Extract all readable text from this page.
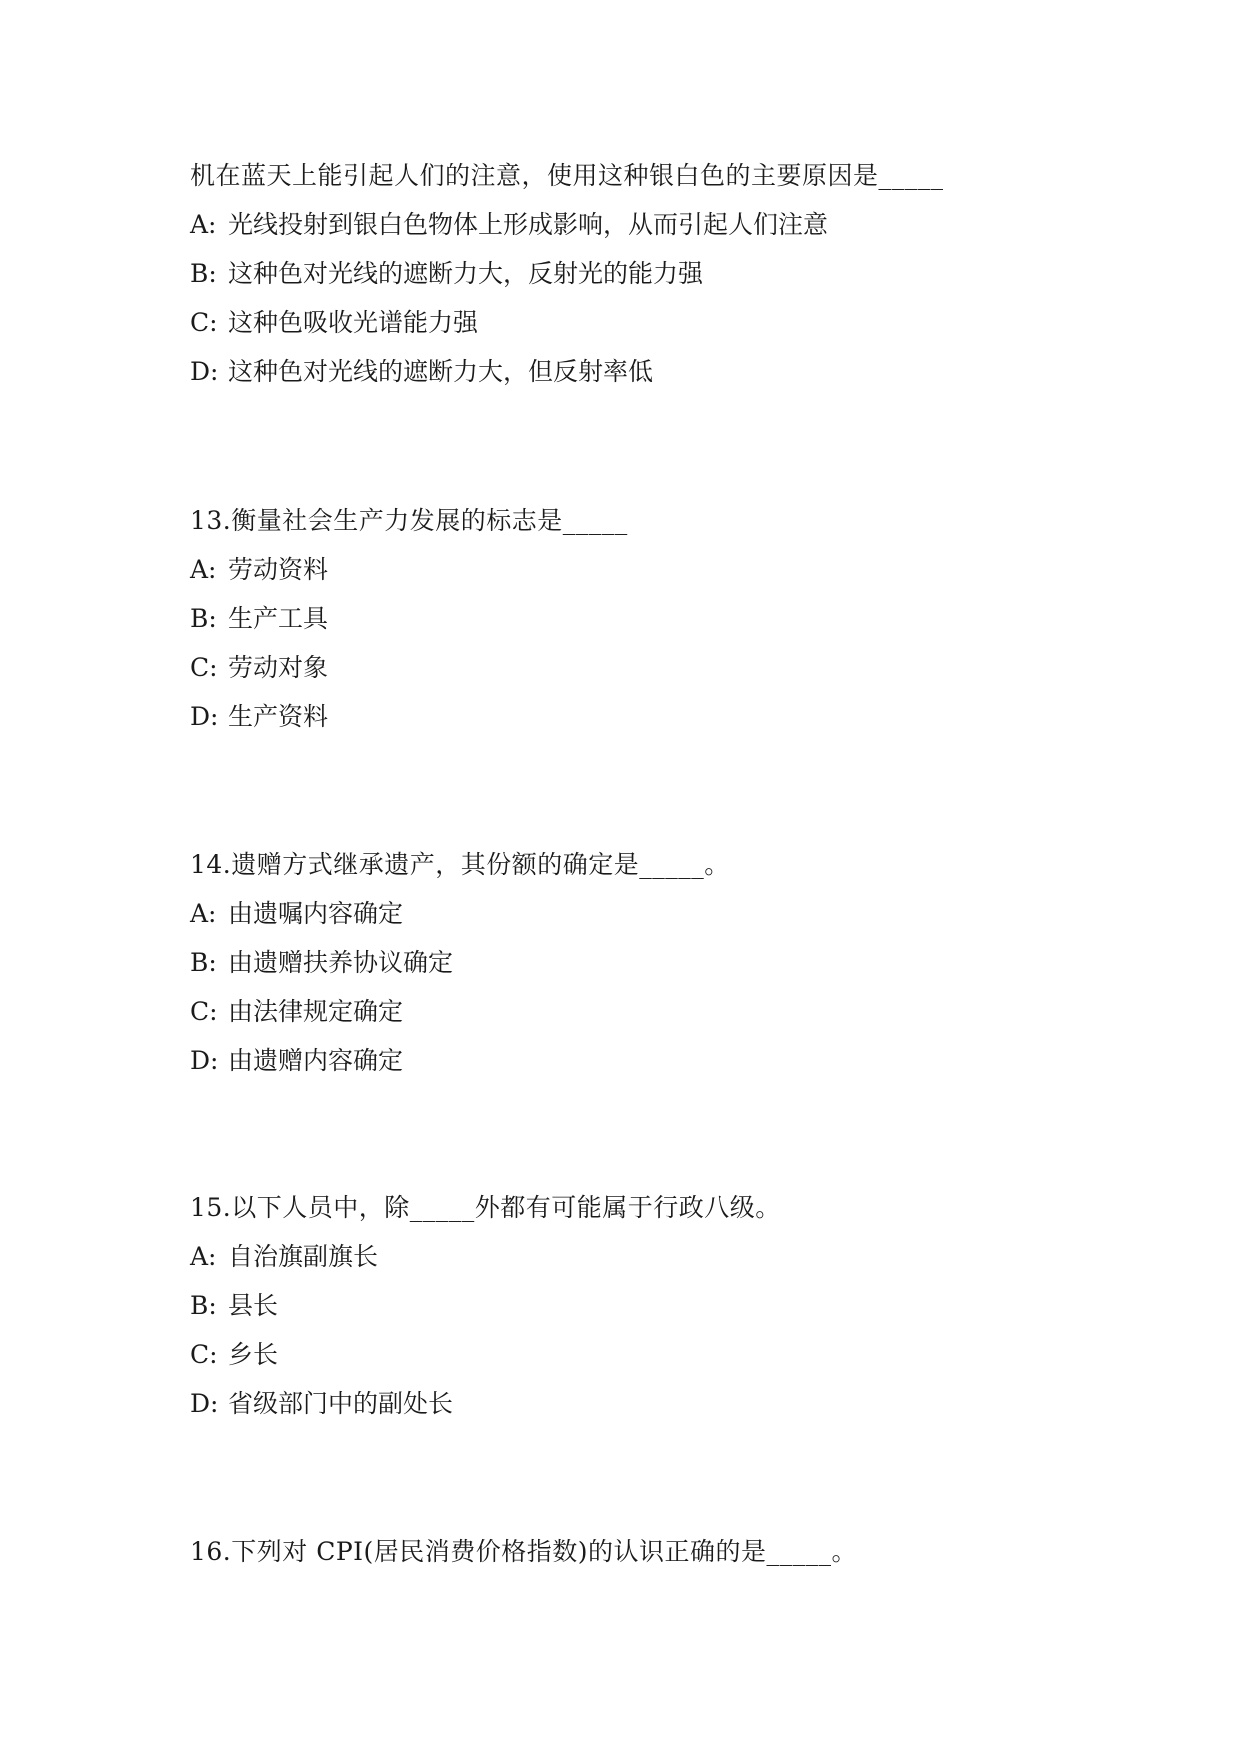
机在蓝天上能引起人们的注意，使用这种银白色的主要原因是_____
A: 光线投射到银白色物体上形成影响，从而引起人们注意
B: 这种色对光线的遮断力大，反射光的能力强
C: 这种色吸收光谱能力强
D: 这种色对光线的遮断力大，但反射率低
13.衡量社会生产力发展的标志是_____
A: 劳动资料
B: 生产工具
C: 劳动对象
D: 生产资料
14.遗赠方式继承遗产，其份额的确定是_____。
A: 由遗嘱内容确定
B: 由遗赠扶养协议确定
C: 由法律规定确定
D: 由遗赠内容确定
15.以下人员中，除_____外都有可能属于行政八级。
A: 自治旗副旗长
B: 县长
C: 乡长
D: 省级部门中的副处长
16.下列对 CPI(居民消费价格指数)的认识正确的是_____。
